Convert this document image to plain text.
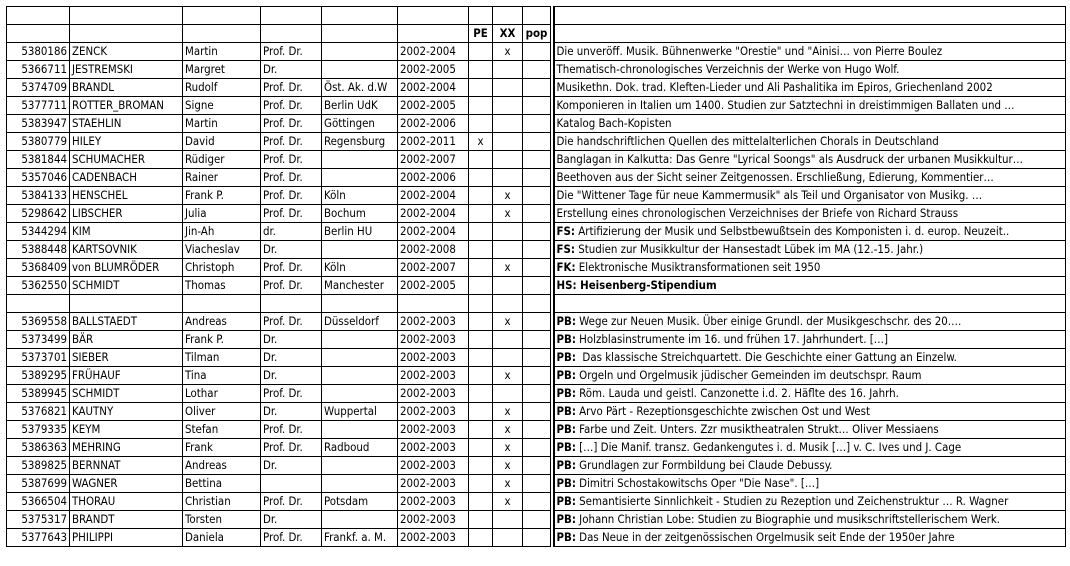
						PE	XX	pop		
5380186	ZENCK	Martin	Prof. Dr.		2002-2004		x			Die unveröff. Musik. Bühnenwerke "Orestie" und "Ainisi… von Pierre Boulez
5366711	JESTREMSKI	Margret	Dr.		2002-2005					Thematisch-chronologisches Verzeichnis der Werke von Hugo Wolf.
5374709	BRANDL	Rudolf	Prof. Dr.	Öst. Ak. d.W	2002-2004					Musikethn. Dok. trad. Kleften-Lieder und Ali Pashalitika im Epiros, Griechenland 2002
5377711	ROTTER_BROMAN	Signe	Prof. Dr.	Berlin UdK	2002-2005					Komponieren in Italien um 1400. Studien zur Satztechni in dreistimmigen Ballaten und …
5383947	STAEHLIN	Martin	Prof. Dr.	Göttingen	2002-2006					Katalog Bach-Kopisten
5380779	HILEY	David	Prof. Dr.	Regensburg	2002-2011	x				Die handschriftlichen Quellen des mittelalterlichen Chorals in Deutschland
5381844	SCHUMACHER	Rüdiger	Prof. Dr.		2002-2007					Banglagan in Kalkutta: Das Genre "Lyrical Soongs" als Ausdruck der urbanen Musikkultur…
5357046	CADENBACH	Rainer	Prof. Dr.		2002-2006					Beethoven aus der Sicht seiner Zeitgenossen. Erschließung, Edierung, Kommentier…
5384133	HENSCHEL	Frank P.	Prof. Dr.	Köln	2002-2004		x			Die "Wittener Tage für neue Kammermusik" als Teil und Organisator von Musikg. …
5298642	LIBSCHER	Julia	Prof. Dr.	Bochum	2002-2004		x			Erstellung eines chronologischen Verzeichnises der Briefe von Richard Strauss
5344294	KIM	Jin-Ah	dr.	Berlin HU	2002-2004					FS: Artifizierung der Musik und Selbstbewußtsein des Komponisten i. d. europ. Neuzeit..
5388448	KARTSOVNIK	Viacheslav	Dr.		2002-2008					FS: Studien zur Musikkultur der Hansestadt Lübek im MA (12.-15. Jahr.)
5368409	von BLUMRÖDER	Christoph	Prof. Dr.	Köln	2002-2007		x			FK: Elektronische Musiktransformationen seit 1950
5362550	SCHMIDT	Thomas	Prof. Dr.	Manchester	2002-2005					HS: Heisenberg-Stipendium

5369558	BALLSTAEDT	Andreas	Prof. Dr.	Düsseldorf	2002-2003		x			PB: Wege zur Neuen Musik. Über einige Grundl. der Musikgeschschr. des 20.…
5373499	BÄR	Frank P.	Dr.		2002-2003					PB: Holzblasinstrumente im 16. und frühen 17. Jahrhundert. […]
5373701	SIEBER	Tilman	Dr.		2002-2003					PB:  Das klassische Streichquartett. Die Geschichte einer Gattung an Einzelw.
5389295	FRÜHAUF	Tina	Dr.		2002-2003		x			PB: Orgeln und Orgelmusik jüdischer Gemeinden im deutschspr. Raum
5389945	SCHMIDT	Lothar	Prof. Dr.		2002-2003					PB: Röm. Lauda und geistl. Canzonette i.d. 2. Häflte des 16. Jahrh.
5376821	KAUTNY	Oliver	Dr.	Wuppertal	2002-2003		x			PB: Arvo Pärt - Rezeptionsgeschichte zwischen Ost und West
5379335	KEYM	Stefan	Prof. Dr.		2002-2003		x			PB: Farbe und Zeit. Unters. Zzr musiktheatralen Strukt… Oliver Messiaens
5386363	MEHRING	Frank	Prof. Dr.	Radboud	2002-2003		x			PB: […] Die Manif. transz. Gedankengutes i. d. Musik […] v. C. Ives und J. Cage
5389825	BERNNAT	Andreas	Dr.		2002-2003		x			PB: Grundlagen zur Formbildung bei Claude Debussy.
5387699	WAGNER	Bettina			2002-2003		x			PB: Dimitri Schostakowitschs Oper "Die Nase". […]
5366504	THORAU	Christian	Prof. Dr.	Potsdam	2002-2003		x			PB: Semantisierte Sinnlichkeit - Studien zu Rezeption und Zeichenstruktur … R. Wagner
5375317	BRANDT	Torsten	Dr.		2002-2003					PB: Johann Christian Lobe: Studien zu Biographie und musikschriftstellerischem Werk.
5377643	PHILIPPI	Daniela	Prof. Dr.	Frankf. a. M.	2002-2003					PB: Das Neue in der zeitgenössischen Orgelmusik seit Ende der 1950er Jahre
